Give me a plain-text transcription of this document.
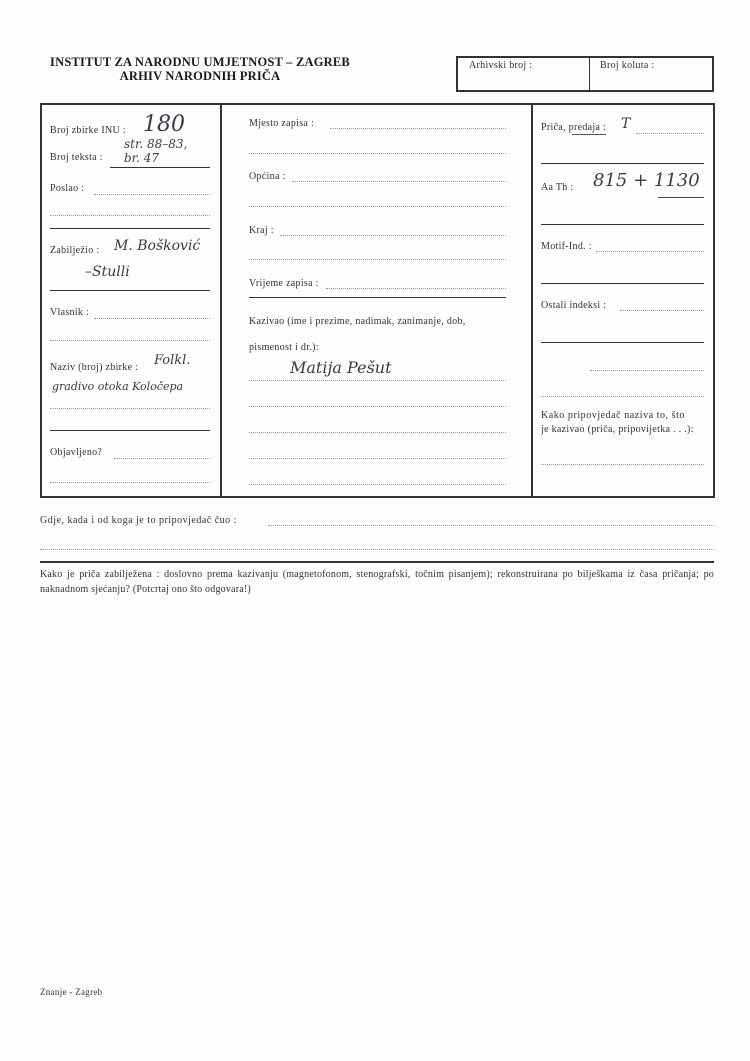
INSTITUT ZA NARODNU UMJETNOST – ZAGREB
ARHIV NARODNIH PRIČA
Arhivski broj :	Broj koluta :
Broj zbirke INU : 180
str. 88–83,
Broj teksta : br. 47
Poslao :
Zabilježio : M. Bošković
–Stulli
Vlasnik :
Naziv (broj) zbirke : Folkl.
gradivo otoka Koločepa
Objavljeno?
Mjesto zapisa :
Općina :
Kraj :
Vrijeme zapisa :
Kazivao (ime i prezime, nadimak, zanimanje, dob,
pismenost i dr.):
Matija Pešut
Priča, predaja : T
Aa Th : 815 + 1130
Motif-Ind. :
Ostali indeksi :
Kako pripovjedač naziva to, što
je kazivao (priča, pripovijetka . . .):
Gdje, kada i od koga je to pripovjedač čuo :
Kako je priča zabilježena : doslovno prema kazivanju (magnetofonom, stenografski, točnim pisanjem); rekonstruirana po bilješkama iz časa pričanja; po naknadnom sjećanju? (Potcrtaj ono što odgovara!)
Znanje - Zagreb
